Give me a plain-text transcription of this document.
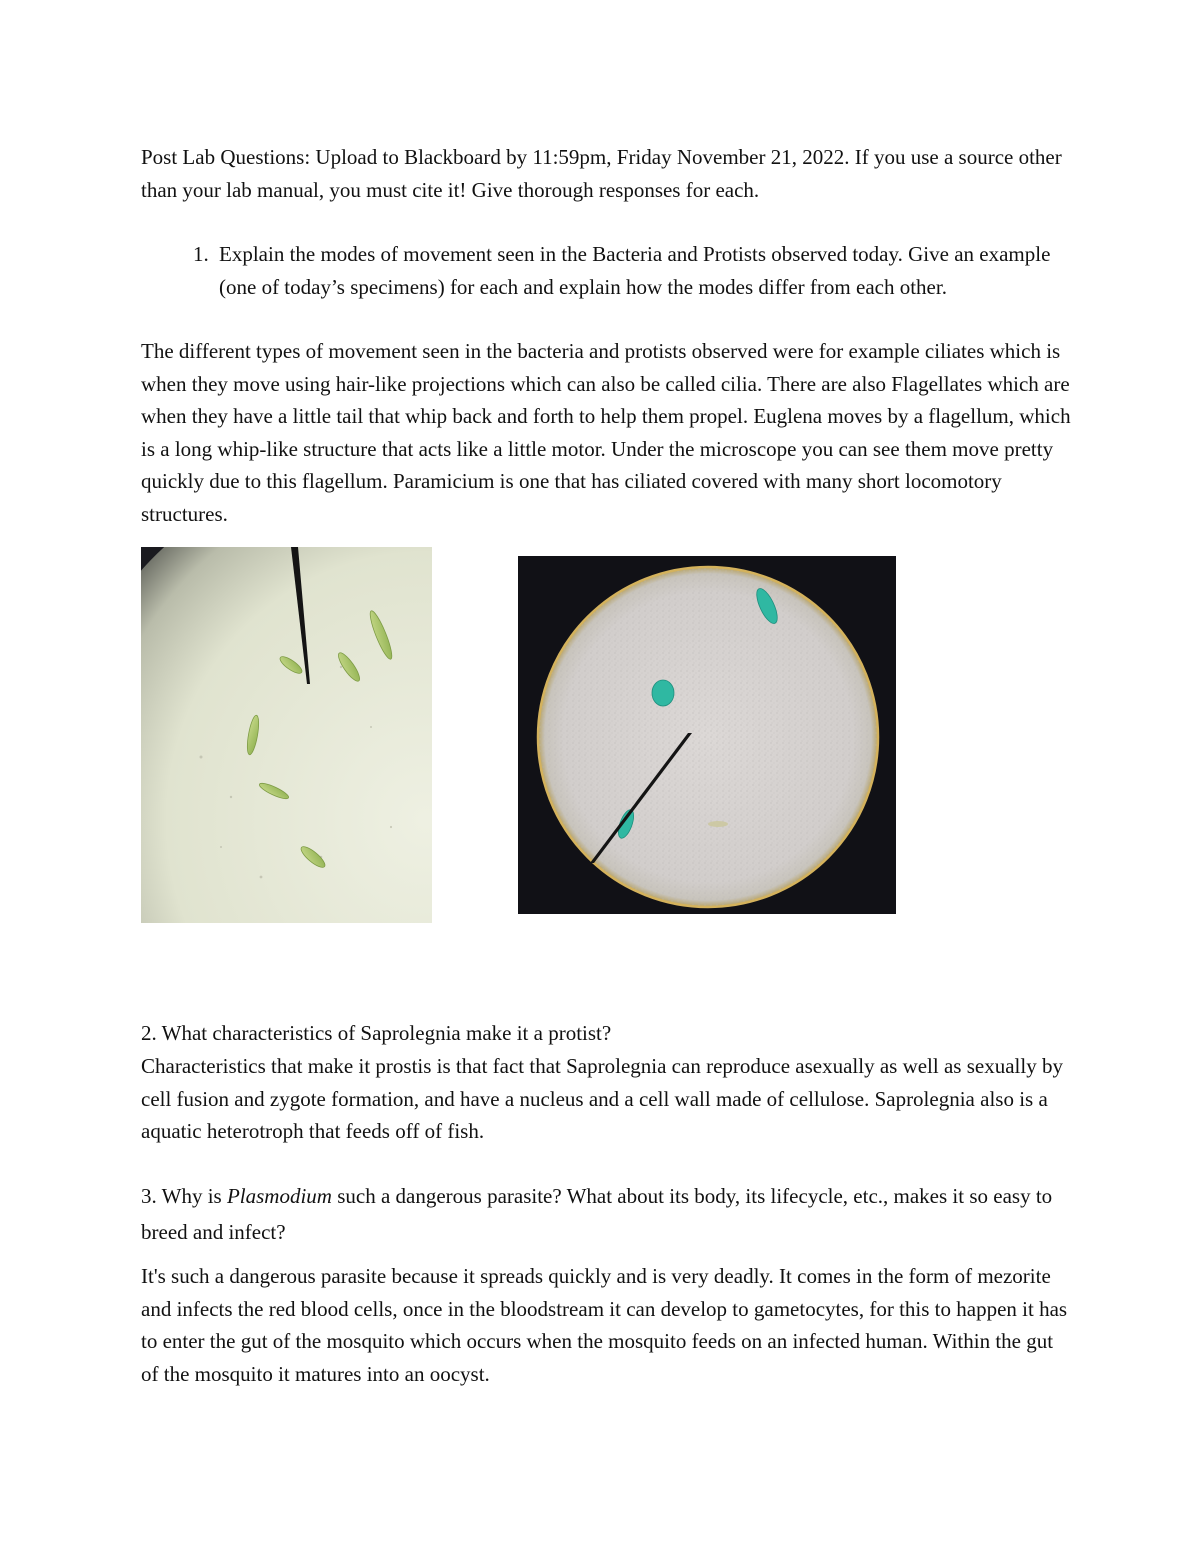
Post Lab Questions: Upload to Blackboard by 11:59pm, Friday November 21, 2022. If you use a source other than your lab manual, you must cite it! Give thorough responses for each.

1. Explain the modes of movement seen in the Bacteria and Protists observed today. Give an example (one of today’s specimens) for each and explain how the modes differ from each other.

The different types of movement seen in the bacteria and protists observed were for example ciliates which is when they move using hair-like projections which can also be called cilia. There are also Flagellates which are when they have a little tail that whip back and forth to help them propel. Euglena moves by a flagellum, which is a long whip-like structure that acts like a little motor. Under the microscope you can see them move pretty quickly due to this flagellum. Paramicium is one that has ciliated covered with many short locomotory structures.

2. What characteristics of Saprolegnia make it a protist?

Characteristics that make it prostis is that fact that Saprolegnia can reproduce asexually as well as sexually by cell fusion and zygote formation, and have a nucleus and a cell wall made of cellulose. Saprolegnia also is a aquatic heterotroph that feeds off of fish.

3. Why is Plasmodium such a dangerous parasite? What about its body, its lifecycle, etc., makes it so easy to breed and infect?

It's such a dangerous parasite because it spreads quickly and is very deadly. It comes in the form of mezorite and infects the red blood cells, once in the bloodstream it can develop to gametocytes, for this to happen it has to enter the gut of the mosquito which occurs when the mosquito feeds on an infected human. Within the gut of the mosquito it matures into an oocyst.
